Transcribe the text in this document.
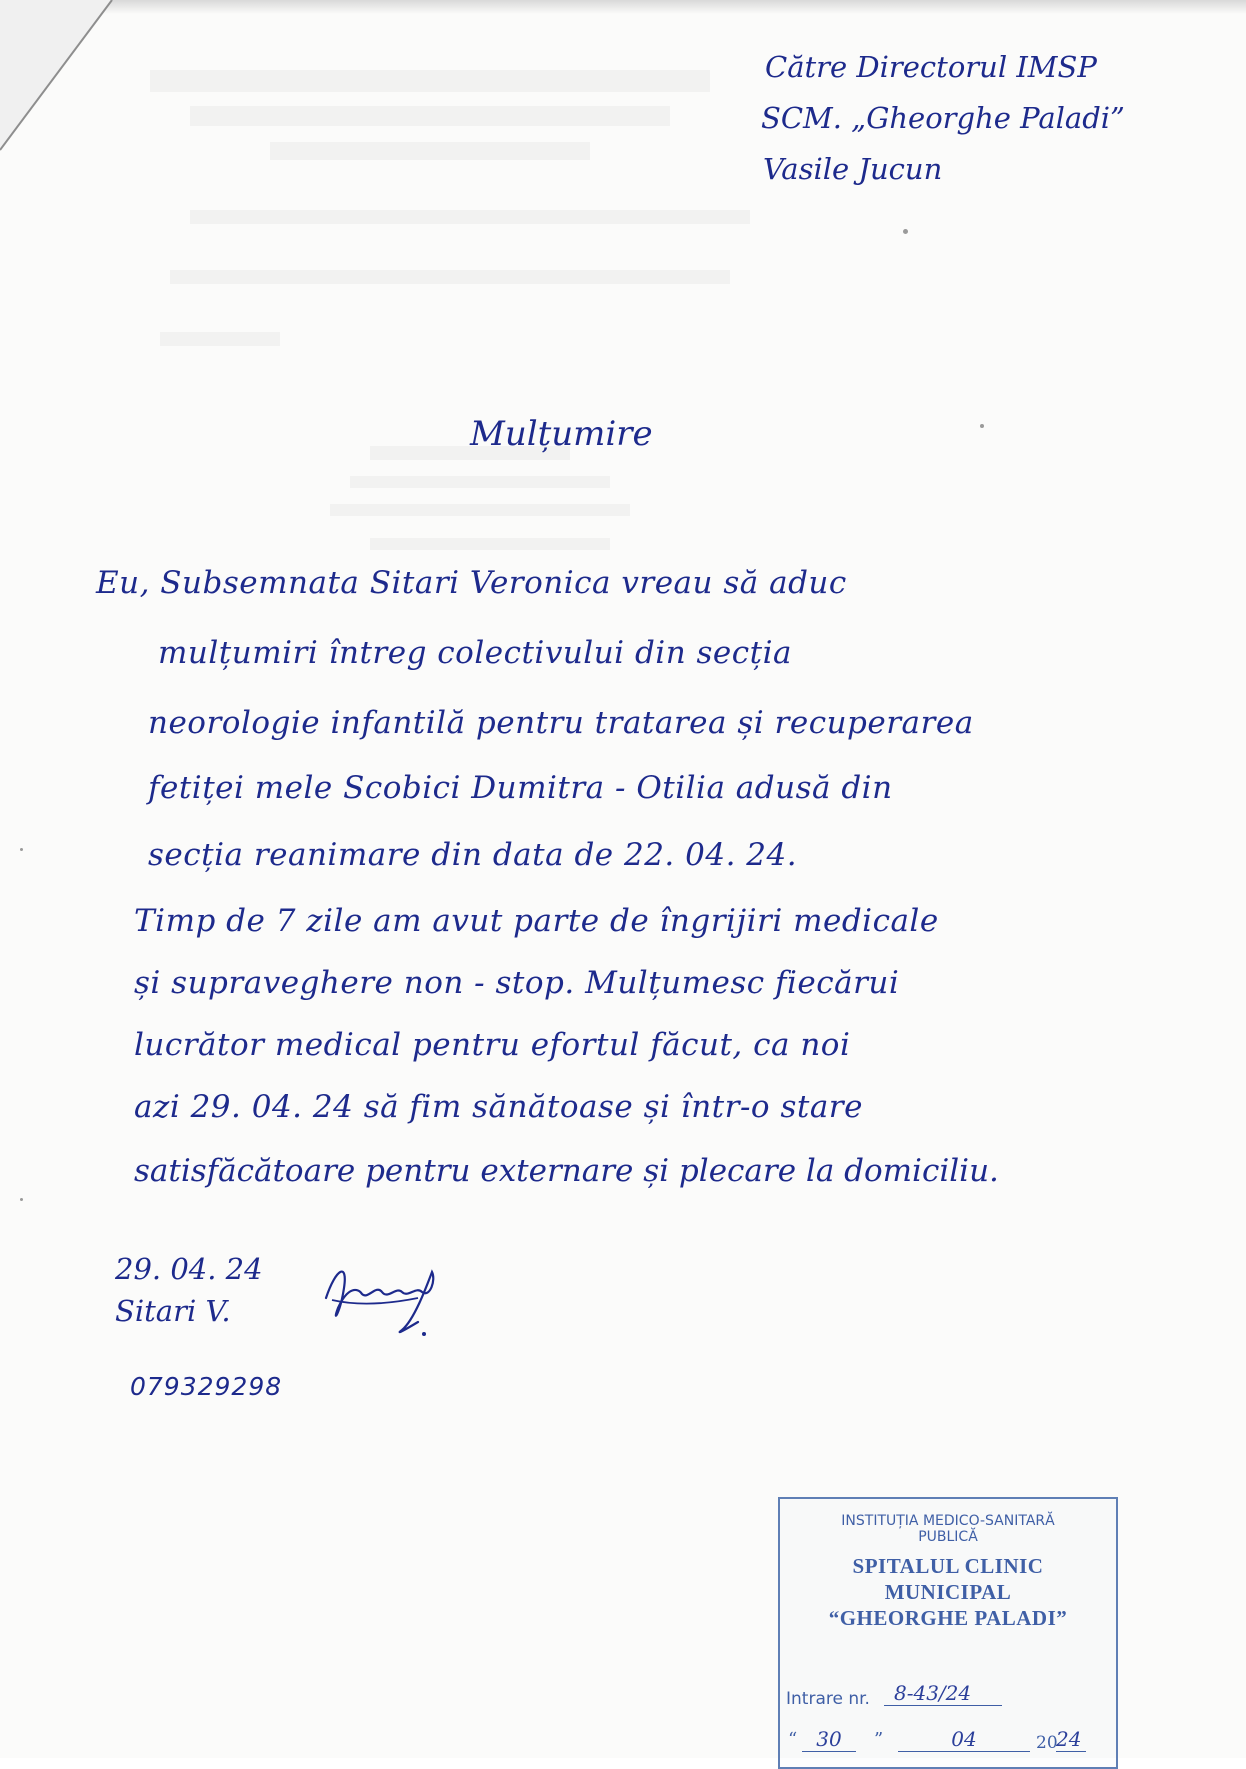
Către Directorul IMSP
SCM. „Gheorghe Paladi”
Vasile Jucun
Mulțumire
Eu, Subsemnata Sitari Veronica vreau să aduc
mulțumiri întreg colectivului din secția
neorologie infantilă pentru tratarea și recuperarea
fetiței mele Scobici Dumitra - Otilia adusă din
secția reanimare din data de 22. 04. 24.
Timp de 7 zile am avut parte de îngrijiri medicale
și supraveghere non - stop. Mulțumesc fiecărui
lucrător medical pentru efortul făcut, ca noi
azi 29. 04. 24 să fim sănătoase și într-o stare
satisfăcătoare pentru externare și plecare la domiciliu.
29. 04. 24
Sitari V.
079329298
INSTITUȚIA MEDICO-SANITARĂ
PUBLICĂ
SPITALUL CLINIC
MUNICIPAL
“GHEORGHE PALADI”
Intrare nr.	8-43/24
“ 30	”	04	20
24
